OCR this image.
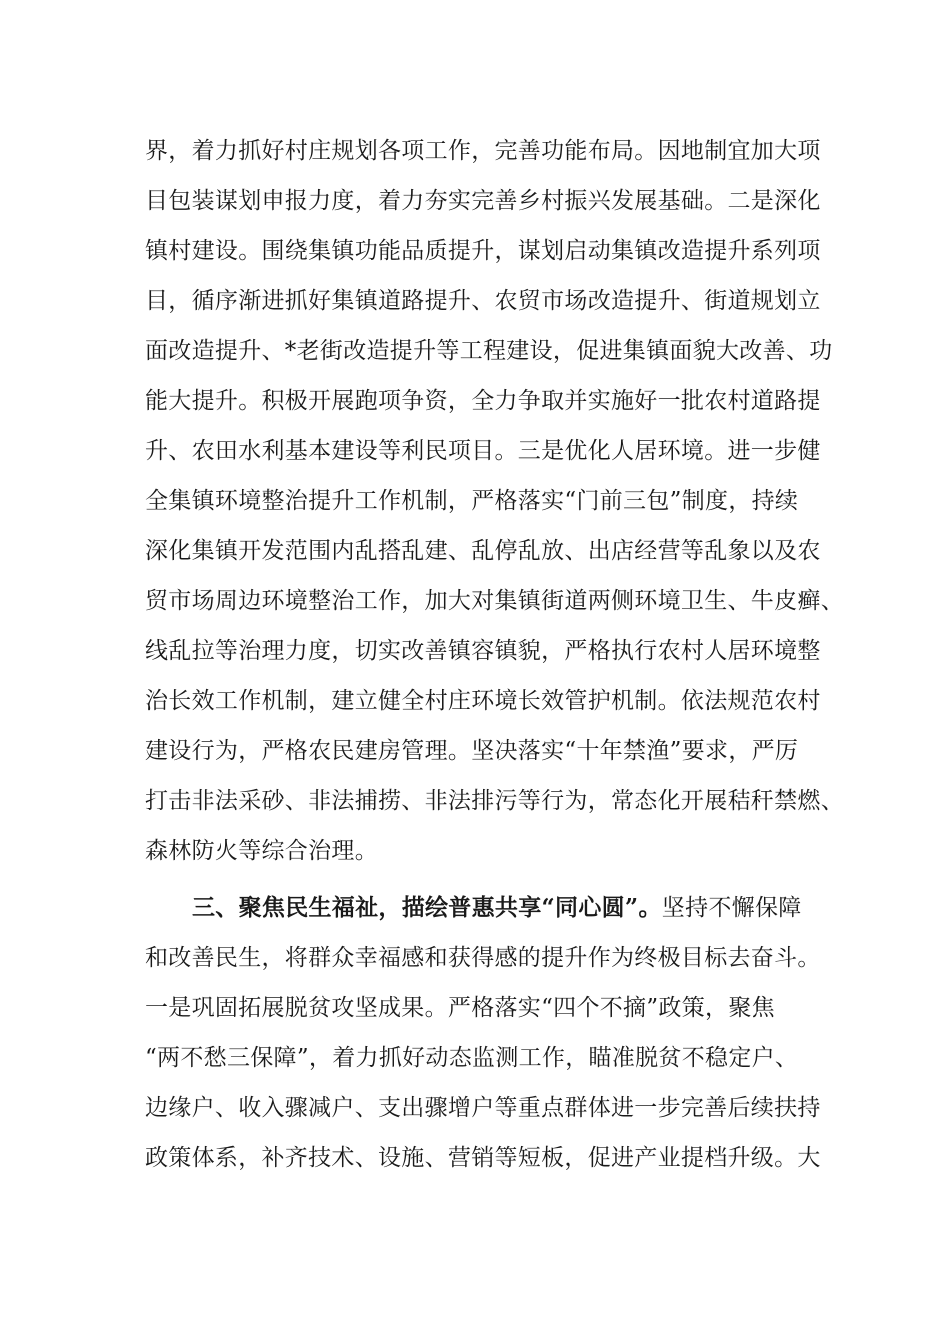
界，着力抓好村庄规划各项工作，完善功能布局。因地制宜加大项
目包装谋划申报力度，着力夯实完善乡村振兴发展基础。二是深化
镇村建设。围绕集镇功能品质提升，谋划启动集镇改造提升系列项
目，循序渐进抓好集镇道路提升、农贸市场改造提升、街道规划立
面改造提升、*老街改造提升等工程建设，促进集镇面貌大改善、功
能大提升。积极开展跑项争资，全力争取并实施好一批农村道路提
升、农田水利基本建设等利民项目。三是优化人居环境。进一步健
全集镇环境整治提升工作机制，严格落实“门前三包”制度，持续
深化集镇开发范围内乱搭乱建、乱停乱放、出店经营等乱象以及农
贸市场周边环境整治工作，加大对集镇街道两侧环境卫生、牛皮癣、
线乱拉等治理力度，切实改善镇容镇貌，严格执行农村人居环境整
治长效工作机制，建立健全村庄环境长效管护机制。依法规范农村
建设行为，严格农民建房管理。坚决落实“十年禁渔”要求，严厉
打击非法采砂、非法捕捞、非法排污等行为，常态化开展秸秆禁燃、
森林防火等综合治理。
三、聚焦民生福祉，描绘普惠共享“同心圆”。坚持不懈保障
和改善民生，将群众幸福感和获得感的提升作为终极目标去奋斗。
一是巩固拓展脱贫攻坚成果。严格落实“四个不摘”政策，聚焦
“两不愁三保障”，着力抓好动态监测工作，瞄准脱贫不稳定户、
边缘户、收入骤减户、支出骤增户等重点群体进一步完善后续扶持
政策体系，补齐技术、设施、营销等短板，促进产业提档升级。大
